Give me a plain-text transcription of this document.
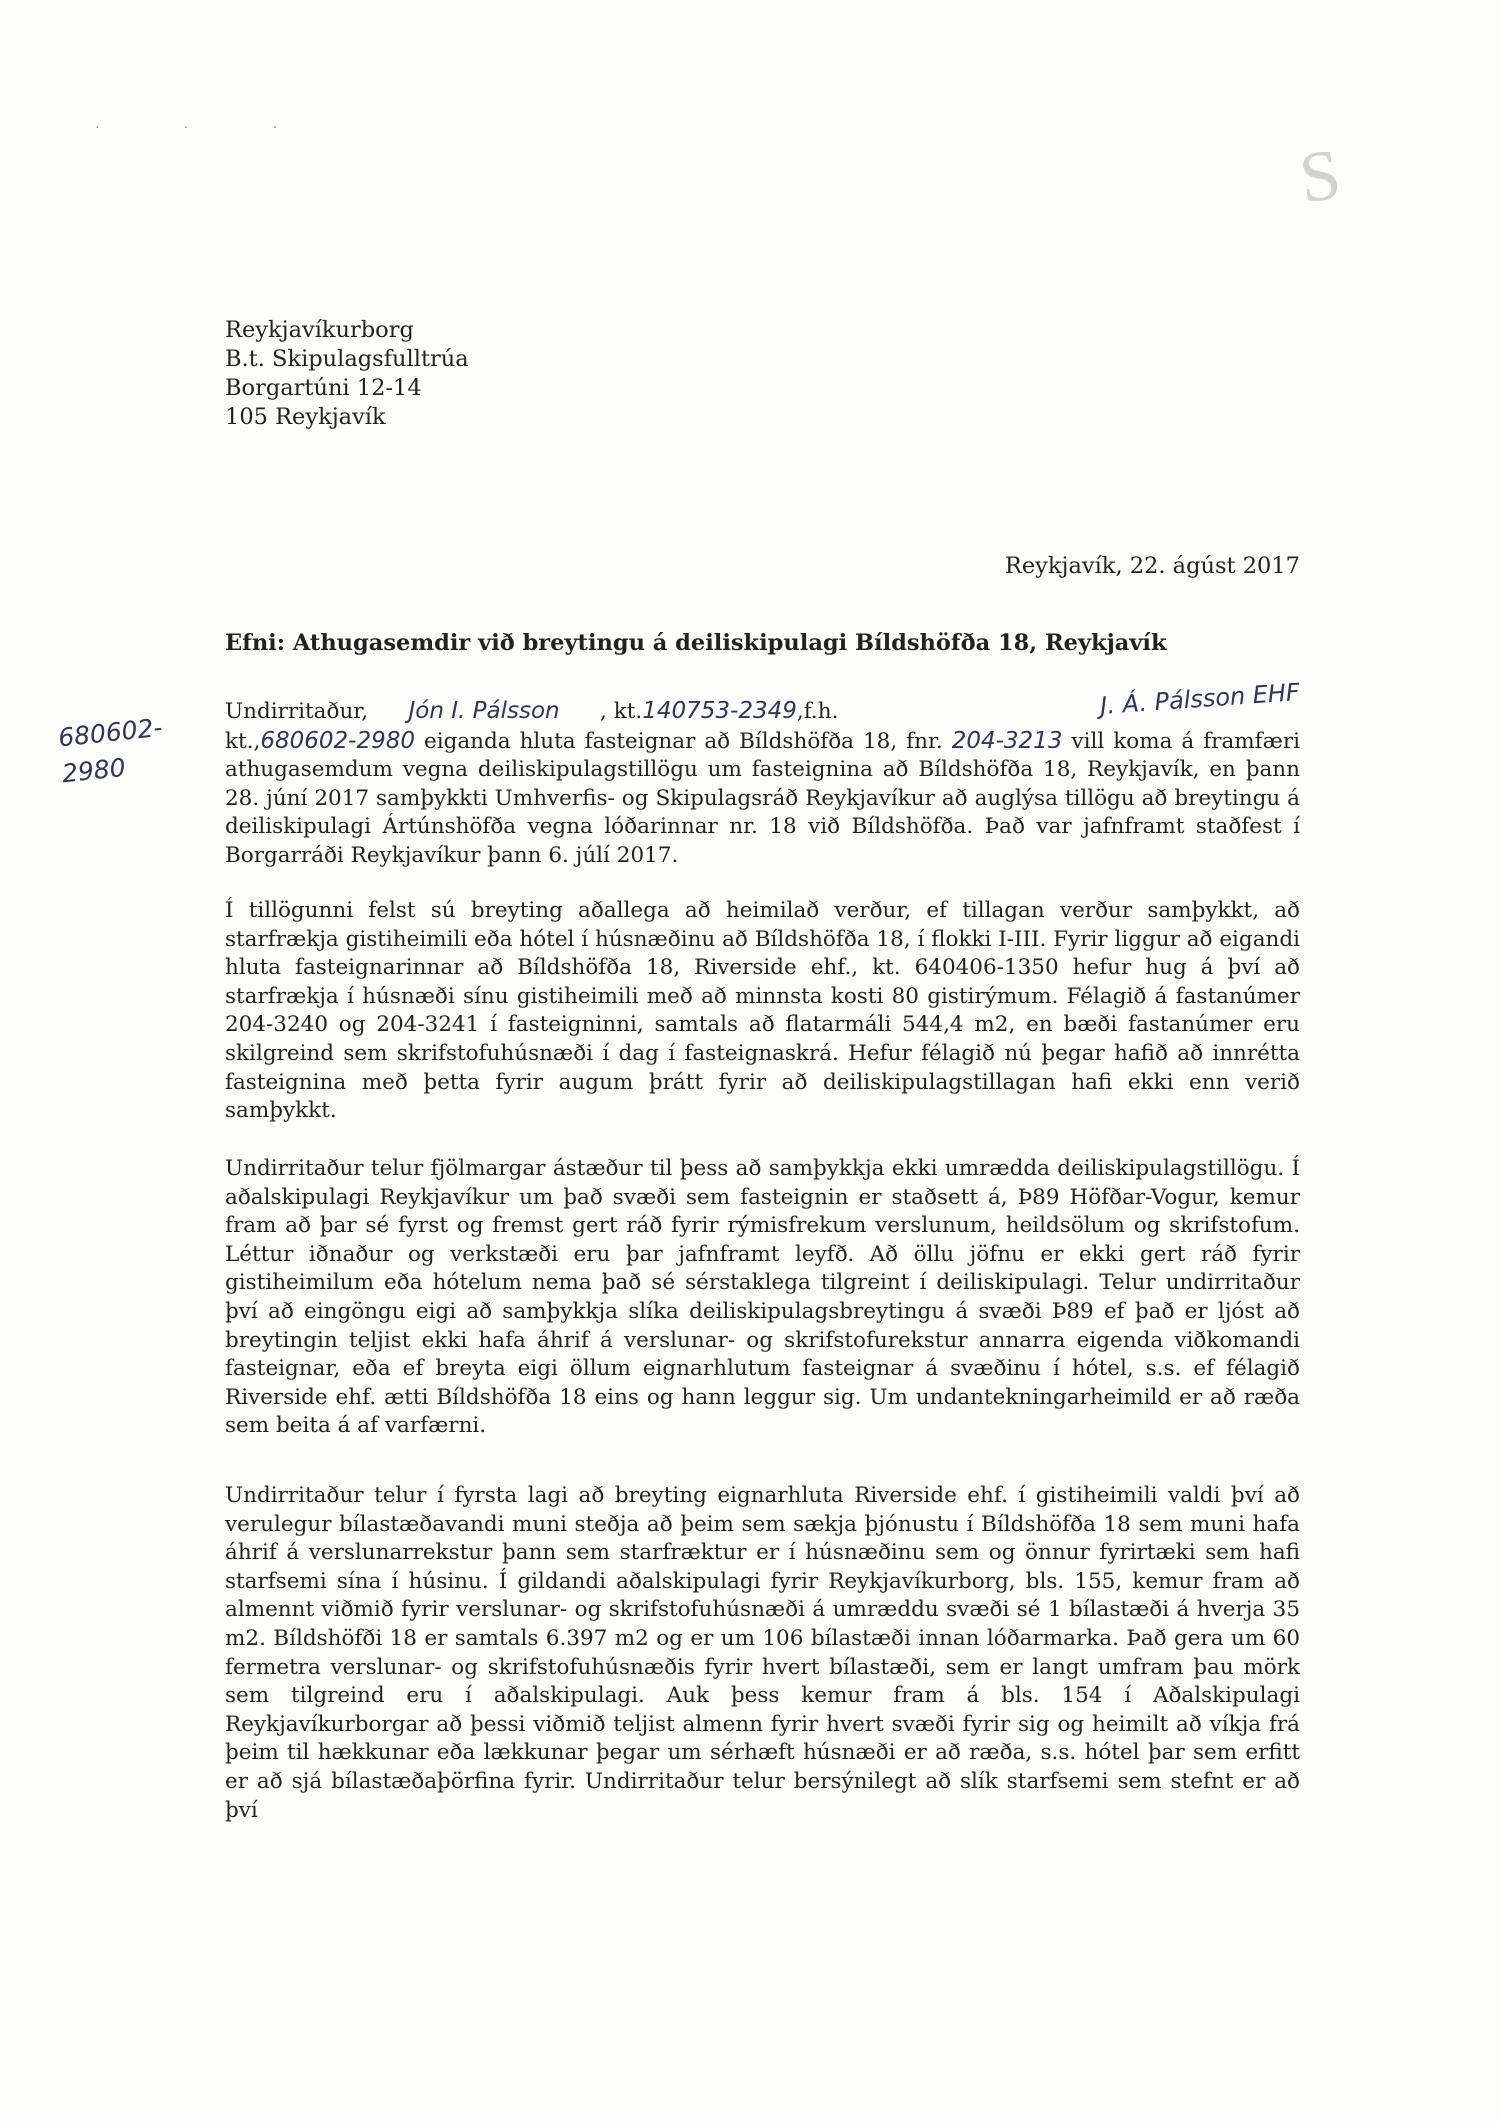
S
· · ·
Reykjavíkurborg
B.t. Skipulagsfulltrúa
Borgartúni 12-14
105 Reykjavík
Reykjavík, 22. ágúst 2017
Efni: Athugasemdir við breytingu á deiliskipulagi Bíldshöfða 18, Reykjavík
Undirritaður, Jón I. Pálsson , kt.140753-2349,f.h.
kt.,680602-2980 eiganda hluta fasteignar að Bíldshöfða 18, fnr. 204-3213 vill koma á framfæri athugasemdum vegna deiliskipulagstillögu um fasteignina að Bíldshöfða 18, Reykjavík, en þann 28. júní 2017 samþykkti Umhverfis- og Skipulagsráð Reykjavíkur að auglýsa tillögu að breytingu á deiliskipulagi Ártúnshöfða vegna lóðarinnar nr. 18 við Bíldshöfða. Það var jafnframt staðfest í Borgarráði Reykjavíkur þann 6. júlí 2017.
J. Á. Pálsson EHF
680602-
2980
Í tillögunni felst sú breyting aðallega að heimilað verður, ef tillagan verður samþykkt, að starfrækja gistiheimili eða hótel í húsnæðinu að Bíldshöfða 18, í flokki I-III. Fyrir liggur að eigandi hluta fasteignarinnar að Bíldshöfða 18, Riverside ehf., kt. 640406-1350 hefur hug á því að starfrækja í húsnæði sínu gistiheimili með að minnsta kosti 80 gistirýmum. Félagið á fastanúmer 204-3240 og 204-3241 í fasteigninni, samtals að flatarmáli 544,4 m2, en bæði fastanúmer eru skilgreind sem skrifstofuhúsnæði í dag í fasteignaskrá. Hefur félagið nú þegar hafið að innrétta fasteignina með þetta fyrir augum þrátt fyrir að deiliskipulagstillagan hafi ekki enn verið samþykkt.
Undirritaður telur fjölmargar ástæður til þess að samþykkja ekki umrædda deiliskipulagstillögu. Í aðalskipulagi Reykjavíkur um það svæði sem fasteignin er staðsett á, Þ89 Höfðar-Vogur, kemur fram að þar sé fyrst og fremst gert ráð fyrir rýmisfrekum verslunum, heildsölum og skrifstofum. Léttur iðnaður og verkstæði eru þar jafnframt leyfð. Að öllu jöfnu er ekki gert ráð fyrir gistiheimilum eða hótelum nema það sé sérstaklega tilgreint í deiliskipulagi. Telur undirritaður því að eingöngu eigi að samþykkja slíka deiliskipulagsbreytingu á svæði Þ89 ef það er ljóst að breytingin teljist ekki hafa áhrif á verslunar- og skrifstofurekstur annarra eigenda viðkomandi fasteignar, eða ef breyta eigi öllum eignarhlutum fasteignar á svæðinu í hótel, s.s. ef félagið Riverside ehf. ætti Bíldshöfða 18 eins og hann leggur sig. Um undantekningarheimild er að ræða sem beita á af varfærni.
Undirritaður telur í fyrsta lagi að breyting eignarhluta Riverside ehf. í gistiheimili valdi því að verulegur bílastæðavandi muni steðja að þeim sem sækja þjónustu í Bíldshöfða 18 sem muni hafa áhrif á verslunarrekstur þann sem starfræktur er í húsnæðinu sem og önnur fyrirtæki sem hafi starfsemi sína í húsinu. Í gildandi aðalskipulagi fyrir Reykjavíkurborg, bls. 155, kemur fram að almennt viðmið fyrir verslunar- og skrifstofuhúsnæði á umræddu svæði sé 1 bílastæði á hverja 35 m2. Bíldshöfði 18 er samtals 6.397 m2 og er um 106 bílastæði innan lóðarmarka. Það gera um 60 fermetra verslunar- og skrifstofuhúsnæðis fyrir hvert bílastæði, sem er langt umfram þau mörk sem tilgreind eru í aðalskipulagi. Auk þess kemur fram á bls. 154 í Aðalskipulagi Reykjavíkurborgar að þessi viðmið teljist almenn fyrir hvert svæði fyrir sig og heimilt að víkja frá þeim til hækkunar eða lækkunar þegar um sérhæft húsnæði er að ræða, s.s. hótel þar sem erfitt er að sjá bílastæðaþörfina fyrir. Undirritaður telur bersýnilegt að slík starfsemi sem stefnt er að því
